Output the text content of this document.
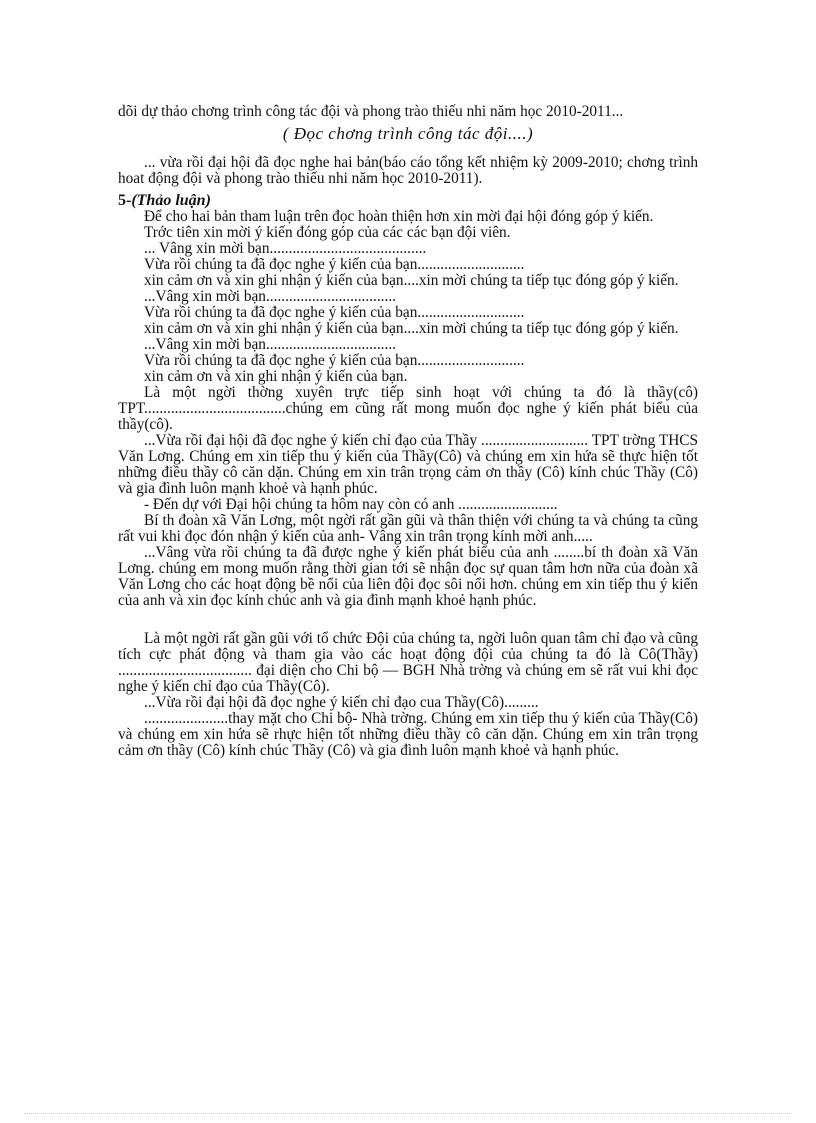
dõi dự thảo chơng trình công tác đội và phong trào thiếu nhi năm học 2010-2011...

( Đọc chơng trình công tác đội....)

... vừa rồi đại hội đã đọc nghe hai bản(báo cáo tổng kết nhiệm kỳ 2009-2010; chơng trình hoat động đội và phong trào thiếu nhi năm học 2010-2011).

5-(Thảo luận)

Để cho hai bản tham luận trên đọc hoàn thiện hơn xin mời đại hội đóng góp ý kiến.

Trớc tiên xin mời ý kiến đóng góp của các các bạn đội viên.

... Vâng xin mời bạn.........................................

Vừa rồi chúng ta đã đọc nghe ý kiến của bạn............................

xin cảm ơn và xin ghi nhận ý kiến của bạn....xin mời chúng ta tiếp tục đóng góp ý kiến.

...Vâng xin mời bạn..................................

Vừa rồi chúng ta đã đọc nghe ý kiến của bạn............................

xin cảm ơn và xin ghi nhận ý kiến của bạn....xin mời chúng ta tiếp tục đóng góp ý kiến.

...Vâng xin mời bạn..................................

Vừa rồi chúng ta đã đọc nghe ý kiến của bạn............................

xin cảm ơn và xin ghi nhận ý kiến của bạn.

Là một ngời thờng xuyên trực tiếp sinh hoạt với chúng ta đó là thầy(cô) TPT.....................................chúng em cũng rất mong muốn đọc nghe ý kiến phát biểu của thầy(cô).

...Vừa rồi đại hội đã đọc nghe ý kiến chỉ đạo của Thầy ............................ TPT trờng THCS Văn Lơng. Chúng em xin tiếp thu ý kiến của Thầy(Cô) và chúng em xin hứa sẽ thực hiện tốt những điều thầy cô căn dặn. Chúng em xin trân trọng cảm ơn thầy (Cô) kính chúc Thầy (Cô) và gia đình luôn mạnh khoẻ và hạnh phúc.

- Đến dự với Đại hội chúng ta hôm nay còn có anh ..........................

Bí th đoàn xã Văn Lơng, một ngời rất gần gũi và thân thiện với chúng ta và chúng ta cũng rất vui khi đọc đón nhận ý kiến của anh- Vâng xin trân trọng kính mời anh.....

...Vâng vừa rồi chúng ta đã được nghe ý kiến phát biểu của anh ........bí th đoàn xã Văn Lơng. chúng em mong muốn rằng thời gian tới sẽ nhận đọc sự quan tâm hơn nữa của đoàn xã Văn Lơng cho các hoạt động bề nổi của liên đội đọc sôi nổi hơn. chúng em xin tiếp thu ý kiến của anh và xin đọc kính chúc anh và gia đình mạnh khoẻ hạnh phúc.

Là một ngời rất gần gũi với tổ chức Đội của chúng ta, ngời luôn quan tâm chỉ đạo và cũng tích cực phát động và tham gia vào các hoạt động đội của chúng ta đó là Cô(Thầy) ................................... đại diện cho Chi bộ — BGH Nhà trờng và chúng em sẽ rất vui khi đọc nghe ý kiến chỉ đạo của Thầy(Cô).

...Vừa rồi đại hội đã đọc nghe ý kiến chỉ đạo cua Thầy(Cô).........

......................thay mặt cho Chi bộ- Nhà trờng. Chúng em xin tiếp thu ý kiến của Thầy(Cô) và chúng em xin hứa sẽ rhực hiện tốt những điều thầy cô căn dặn. Chúng em xin trân trọng cảm ơn thầy (Cô) kính chúc Thầy (Cô) và gia đình luôn mạnh khoẻ và hạnh phúc.
